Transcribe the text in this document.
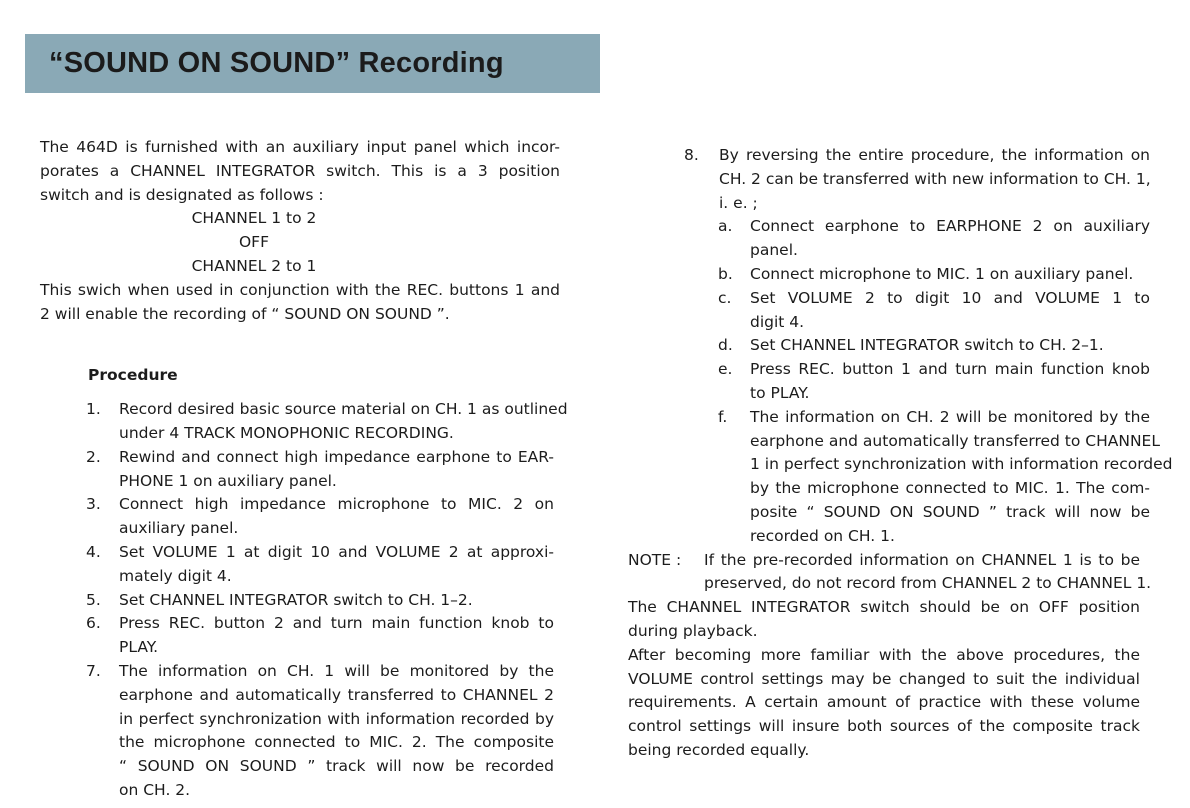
“SOUND ON SOUND” Recording

The 464D is furnished with an auxiliary input panel which incor-

porates a CHANNEL INTEGRATOR switch. This is a 3 position

switch and is designated as follows :

CHANNEL 1 to 2

OFF

CHANNEL 2 to 1

This swich when used in conjunction with the REC. buttons 1 and

2 will enable the recording of “ SOUND ON SOUND ”.

Procedure

1. Record desired basic source material on CH. 1 as outlined

under 4 TRACK MONOPHONIC RECORDING.

2. Rewind and connect high impedance earphone to EAR-

PHONE 1 on auxiliary panel.

3. Connect high impedance microphone to MIC. 2 on

auxiliary panel.

4. Set VOLUME 1 at digit 10 and VOLUME 2 at approxi-

mately digit 4.

5. Set CHANNEL INTEGRATOR switch to CH. 1–2.

6. Press REC. button 2 and turn main function knob to

PLAY.

7. The information on CH. 1 will be monitored by the

earphone and automatically transferred to CHANNEL 2

in perfect synchronization with information recorded by

the microphone connected to MIC. 2. The composite

“ SOUND ON SOUND ” track will now be recorded

on CH. 2.

8. By reversing the entire procedure, the information on

CH. 2 can be transferred with new information to CH. 1,

i. e. ;

a. Connect earphone to EARPHONE 2 on auxiliary

panel.

b. Connect microphone to MIC. 1 on auxiliary panel.

c. Set VOLUME 2 to digit 10 and VOLUME 1 to

digit 4.

d. Set CHANNEL INTEGRATOR switch to CH. 2–1.

e. Press REC. button 1 and turn main function knob

to PLAY.

f. The information on CH. 2 will be monitored by the

earphone and automatically transferred to CHANNEL

1 in perfect synchronization with information recorded

by the microphone connected to MIC. 1. The com-

posite “ SOUND ON SOUND ” track will now be

recorded on CH. 1.

NOTE : If the pre-recorded information on CHANNEL 1 is to be

preserved, do not record from CHANNEL 2 to CHANNEL 1.

The CHANNEL INTEGRATOR switch should be on OFF position

during playback.

After becoming more familiar with the above procedures, the

VOLUME control settings may be changed to suit the individual

requirements. A certain amount of practice with these volume

control settings will insure both sources of the composite track

being recorded equally.
